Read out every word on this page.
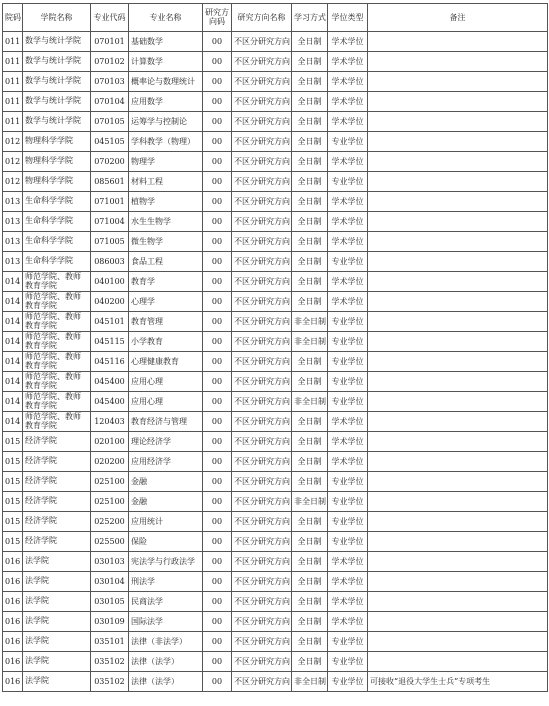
院码	学院名称	专业代码	专业名称	研究方向码	研究方向名称	学习方式	学位类型	备注
011	数学与统计学院	070101	基础数学	00	不区分研究方向	全日制	学术学位	
011	数学与统计学院	070102	计算数学	00	不区分研究方向	全日制	学术学位	
011	数学与统计学院	070103	概率论与数理统计	00	不区分研究方向	全日制	学术学位	
011	数学与统计学院	070104	应用数学	00	不区分研究方向	全日制	学术学位	
011	数学与统计学院	070105	运筹学与控制论	00	不区分研究方向	全日制	学术学位	
012	物理科学学院	045105	学科教学（物理）	00	不区分研究方向	全日制	专业学位	
012	物理科学学院	070200	物理学	00	不区分研究方向	全日制	学术学位	
012	物理科学学院	085601	材料工程	00	不区分研究方向	全日制	专业学位	
013	生命科学学院	071001	植物学	00	不区分研究方向	全日制	学术学位	
013	生命科学学院	071004	水生生物学	00	不区分研究方向	全日制	学术学位	
013	生命科学学院	071005	微生物学	00	不区分研究方向	全日制	学术学位	
013	生命科学学院	086003	食品工程	00	不区分研究方向	全日制	专业学位	
014	师范学院、教师教育学院	040100	教育学	00	不区分研究方向	全日制	学术学位	
014	师范学院、教师教育学院	040200	心理学	00	不区分研究方向	全日制	学术学位	
014	师范学院、教师教育学院	045101	教育管理	00	不区分研究方向	非全日制	专业学位	
014	师范学院、教师教育学院	045115	小学教育	00	不区分研究方向	非全日制	专业学位	
014	师范学院、教师教育学院	045116	心理健康教育	00	不区分研究方向	全日制	专业学位	
014	师范学院、教师教育学院	045400	应用心理	00	不区分研究方向	全日制	专业学位	
014	师范学院、教师教育学院	045400	应用心理	00	不区分研究方向	非全日制	专业学位	
014	师范学院、教师教育学院	120403	教育经济与管理	00	不区分研究方向	全日制	学术学位	
015	经济学院	020100	理论经济学	00	不区分研究方向	全日制	学术学位	
015	经济学院	020200	应用经济学	00	不区分研究方向	全日制	学术学位	
015	经济学院	025100	金融	00	不区分研究方向	全日制	专业学位	
015	经济学院	025100	金融	00	不区分研究方向	非全日制	专业学位	
015	经济学院	025200	应用统计	00	不区分研究方向	全日制	专业学位	
015	经济学院	025500	保险	00	不区分研究方向	全日制	专业学位	
016	法学院	030103	宪法学与行政法学	00	不区分研究方向	全日制	学术学位	
016	法学院	030104	刑法学	00	不区分研究方向	全日制	学术学位	
016	法学院	030105	民商法学	00	不区分研究方向	全日制	学术学位	
016	法学院	030109	国际法学	00	不区分研究方向	全日制	学术学位	
016	法学院	035101	法律（非法学）	00	不区分研究方向	全日制	专业学位	
016	法学院	035102	法律（法学）	00	不区分研究方向	全日制	专业学位	
016	法学院	035102	法律（法学）	00	不区分研究方向	非全日制	专业学位	可接收“退役大学生士兵”专项考生
